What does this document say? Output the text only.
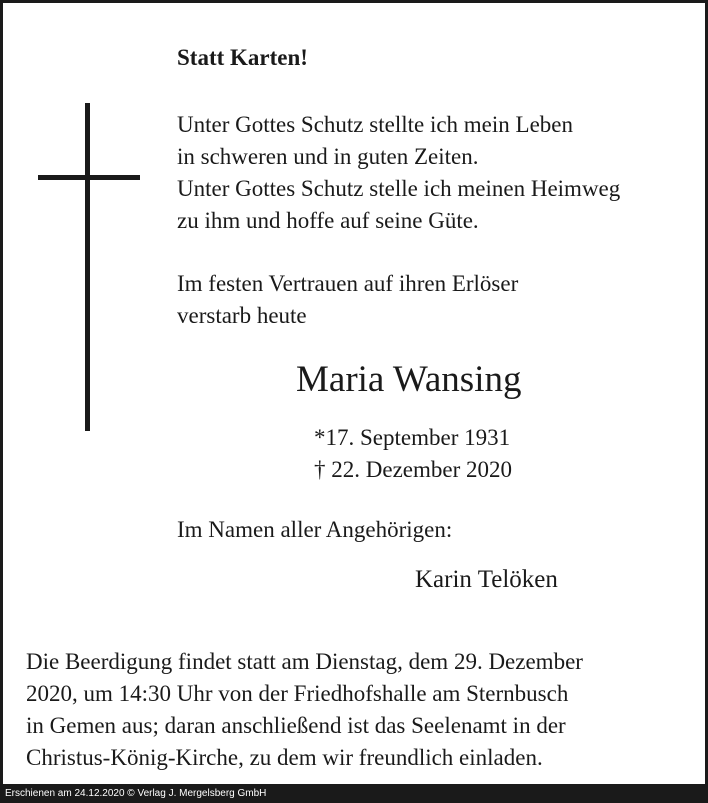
Statt Karten!

Unter Gottes Schutz stellte ich mein Leben
in schweren und in guten Zeiten.
Unter Gottes Schutz stelle ich meinen Heimweg
zu ihm und hoffe auf seine Güte.

Im festen Vertrauen auf ihren Erlöser
verstarb heute

Maria Wansing

*17. September 1931
† 22. Dezember 2020

Im Namen aller Angehörigen:

Karin Telöken

Die Beerdigung findet statt am Dienstag, dem 29. Dezember
2020, um 14:30 Uhr von der Friedhofshalle am Sternbusch
in Gemen aus; daran anschließend ist das Seelenamt in der
Christus-König-Kirche, zu dem wir freundlich einladen.

Erschienen am 24.12.2020 © Verlag J. Mergelsberg GmbH
